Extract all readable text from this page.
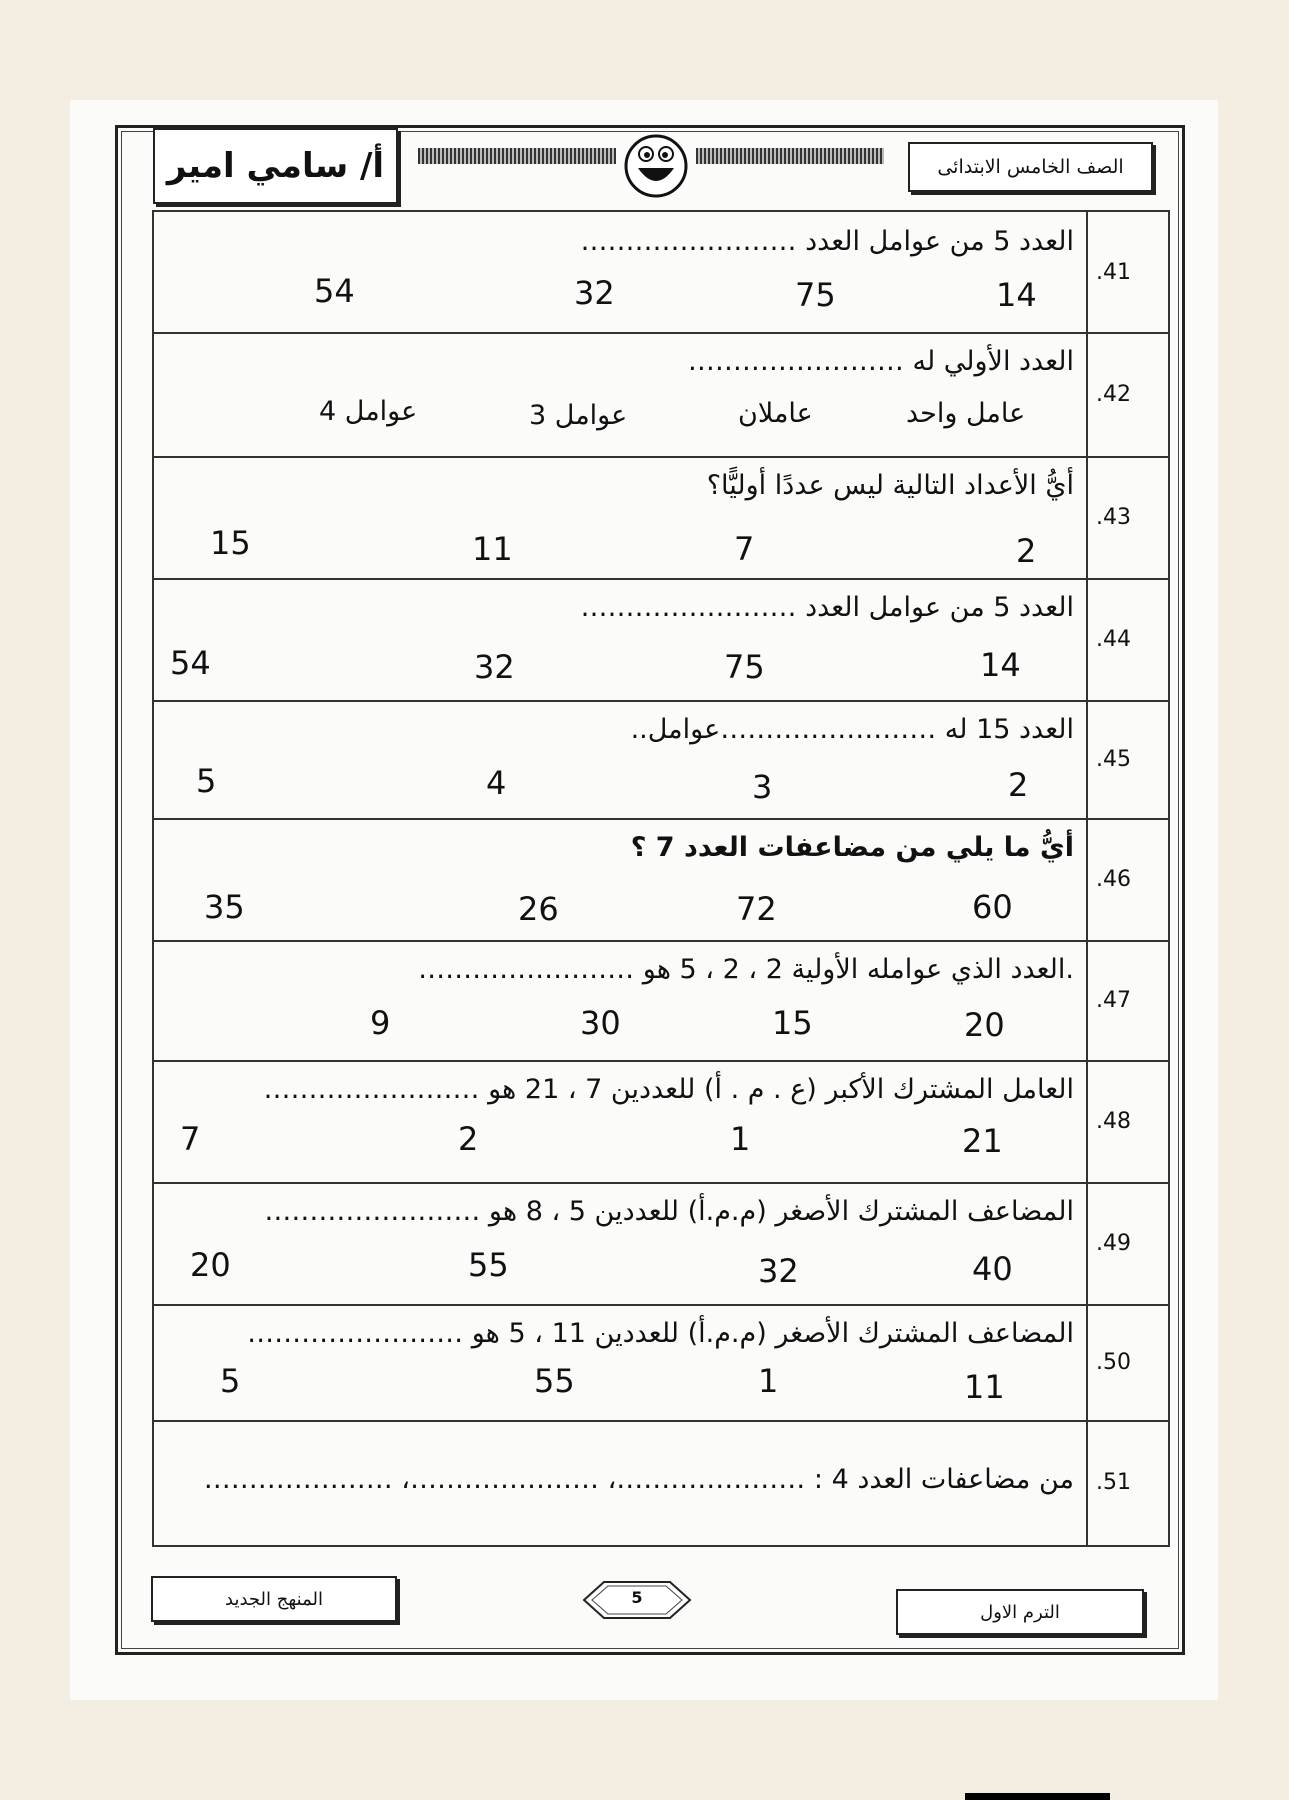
أ/ سامي امير	الصف الخامس الابتدائى
.41
العدد 5 من عوامل العدد ……………………
14
75
32
54
.42
العدد الأولي له ……………………
عامل واحد
عاملان
3 عوامل
4 عوامل
.43
أيُّ الأعداد التالية ليس عددًا أوليًّا؟
2
7
11
15
.44
العدد 5 من عوامل العدد ……………………
14
75
32
54
.45
العدد 15 له ……………………عوامل..
2
3
4
5
.46
أيُّ ما يلي من مضاعفات العدد 7 ؟
60
72
26
35
.47
.العدد الذي عوامله الأولية 2 ، 2 ، 5 هو ……………………
20
15
30
9
.48
العامل المشترك الأكبر (ع . م . أ) للعددين 7 ، 21 هو ……………………
21
1
2
7
.49
المضاعف المشترك الأصغر (م.م.أ) للعددين 5 ، 8 هو ……………………
40
32
55
20
.50
المضاعف المشترك الأصغر (م.م.أ) للعددين 11 ، 5 هو ……………………
11
1
55
5
.51
من مضاعفات العدد 4 : …………………، …………………، …………………
المنهج الجديد	5
الترم الاول
